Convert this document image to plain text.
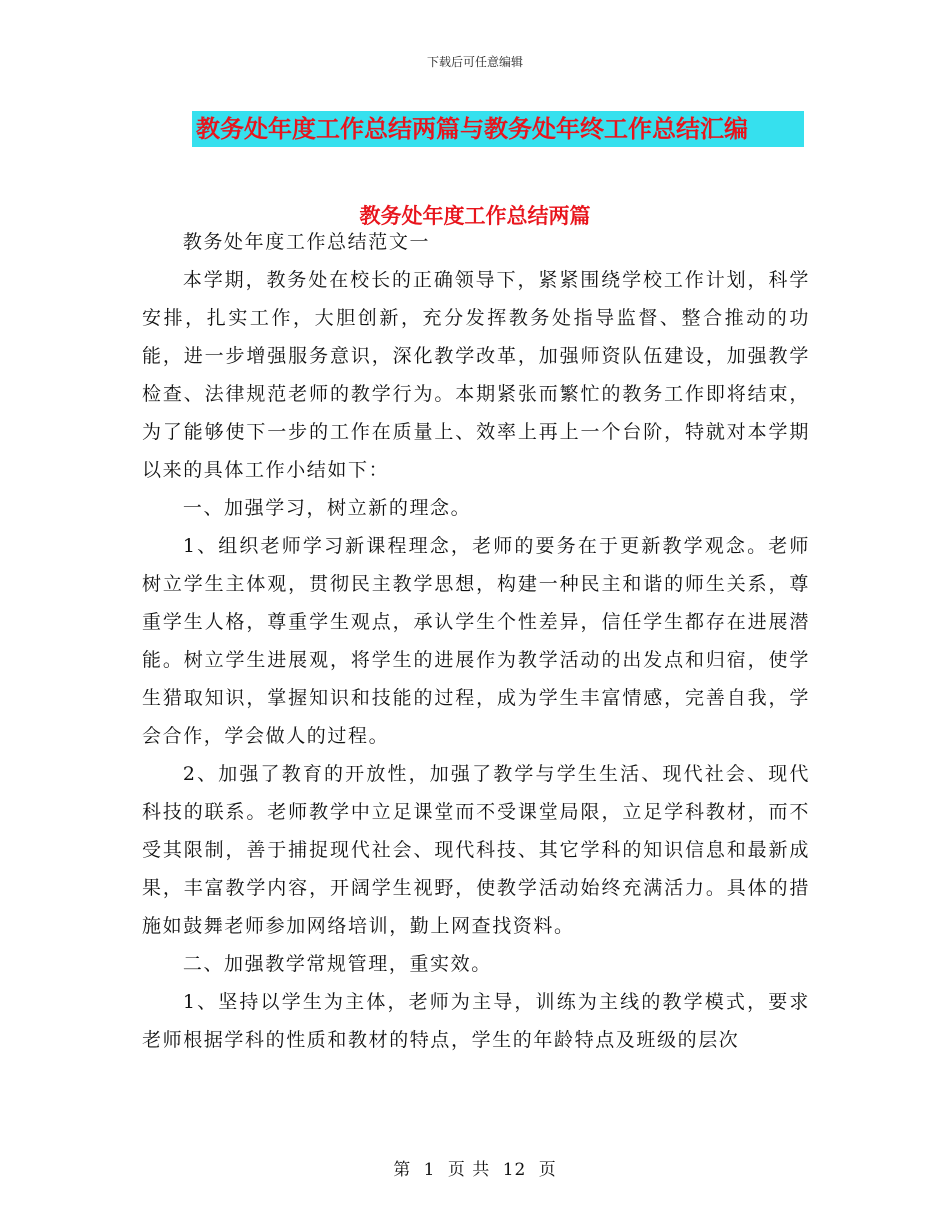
下载后可任意编辑
教务处年度工作总结两篇与教务处年终工作总结汇编
教务处年度工作总结两篇

教务处年度工作总结范文一

本学期，教务处在校长的正确领导下，紧紧围绕学校工作计划，科学安排，扎实工作，大胆创新，充分发挥教务处指导监督、整合推动的功能，进一步增强服务意识，深化教学改革，加强师资队伍建设，加强教学检查、法律规范老师的教学行为。本期紧张而繁忙的教务工作即将结束，为了能够使下一步的工作在质量上、效率上再上一个台阶，特就对本学期以来的具体工作小结如下：

一、加强学习，树立新的理念。

1、组织老师学习新课程理念，老师的要务在于更新教学观念。老师树立学生主体观，贯彻民主教学思想，构建一种民主和谐的师生关系，尊重学生人格，尊重学生观点，承认学生个性差异，信任学生都存在进展潜能。树立学生进展观，将学生的进展作为教学活动的出发点和归宿，使学生猎取知识，掌握知识和技能的过程，成为学生丰富情感，完善自我，学会合作，学会做人的过程。

2、加强了教育的开放性，加强了教学与学生生活、现代社会、现代科技的联系。老师教学中立足课堂而不受课堂局限，立足学科教材，而不受其限制，善于捕捉现代社会、现代科技、其它学科的知识信息和最新成果，丰富教学内容，开阔学生视野，使教学活动始终充满活力。具体的措施如鼓舞老师参加网络培训，勤上网查找资料。

二、加强教学常规管理，重实效。

1、坚持以学生为主体，老师为主导，训练为主线的教学模式，要求老师根据学科的性质和教材的特点，学生的年龄特点及班级的层次

第 1 页 共 12 页
